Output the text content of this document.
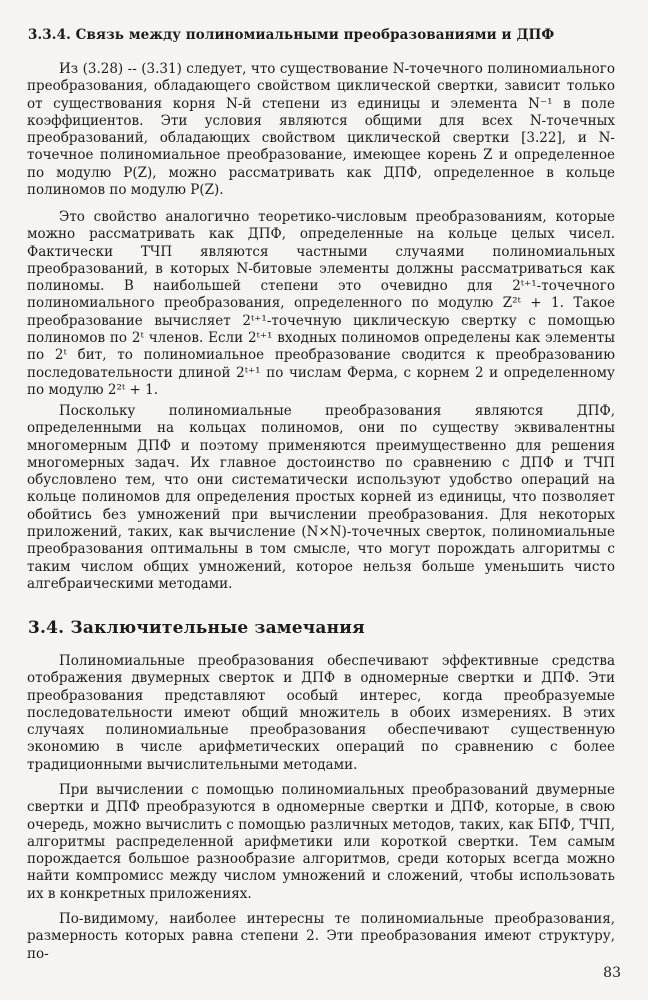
3.3.4. Связь между полиномиальными преобразованиями и ДПФ

Из (3.28) -- (3.31) следует, что существование N-точечного полиномиального преобразования, обладающего свойством циклической свертки, зависит только от существования корня N-й степени из единицы и элемента N⁻¹ в поле коэффициентов. Эти условия являются общими для всех N-точечных преобразований, обладающих свойством циклической свертки [3.22], и N-точечное полиномиальное преобразование, имеющее корень Z и определенное по модулю P(Z), можно рассматривать как ДПФ, определенное в кольце полиномов по модулю P(Z).

Это свойство аналогично теоретико-числовым преобразованиям, которые можно рассматривать как ДПФ, определенные на кольце целых чисел. Фактически ТЧП являются частными случаями полиномиальных преобразований, в которых N-битовые элементы должны рассматриваться как полиномы. В наибольшей степени это очевидно для 2ᵗ⁺¹-точечного полиномиального преобразования, определенного по модулю Z²ᵗ + 1. Такое преобразование вычисляет 2ᵗ⁺¹-точечную циклическую свертку с помощью полиномов по 2ᵗ членов. Если 2ᵗ⁺¹ входных полиномов определены как элементы по 2ᵗ бит, то полиномиальное преобразование сводится к преобразованию последовательности длиной 2ᵗ⁺¹ по числам Ферма, с корнем 2 и определенному по модулю 2²ᵗ + 1.

Поскольку полиномиальные преобразования являются ДПФ, определенными на кольцах полиномов, они по существу эквивалентны многомерным ДПФ и поэтому применяются преимущественно для решения многомерных задач. Их главное достоинство по сравнению с ДПФ и ТЧП обусловлено тем, что они систематически используют удобство операций на кольце полиномов для определения простых корней из единицы, что позволяет обойтись без умножений при вычислении преобразования. Для некоторых приложений, таких, как вычисление (N×N)-точечных сверток, полиномиальные преобразования оптимальны в том смысле, что могут порождать алгоритмы с таким числом общих умножений, которое нельзя больше уменьшить чисто алгебраическими методами.

3.4. Заключительные замечания

Полиномиальные преобразования обеспечивают эффективные средства отображения двумерных сверток и ДПФ в одномерные свертки и ДПФ. Эти преобразования представляют особый интерес, когда преобразуемые последовательности имеют общий множитель в обоих измерениях. В этих случаях полиномиальные преобразования обеспечивают существенную экономию в числе арифметических операций по сравнению с более традиционными вычислительными методами.

При вычислении с помощью полиномиальных преобразований двумерные свертки и ДПФ преобразуются в одномерные свертки и ДПФ, которые, в свою очередь, можно вычислить с помощью различных методов, таких, как БПФ, ТЧП, алгоритмы распределенной арифметики или короткой свертки. Тем самым порождается большое разнообразие алгоритмов, среди которых всегда можно найти компромисс между числом умножений и сложений, чтобы использовать их в конкретных приложениях.

По-видимому, наиболее интересны те полиномиальные преобразования, размерность которых равна степени 2. Эти преобразования имеют структуру, по-

83
